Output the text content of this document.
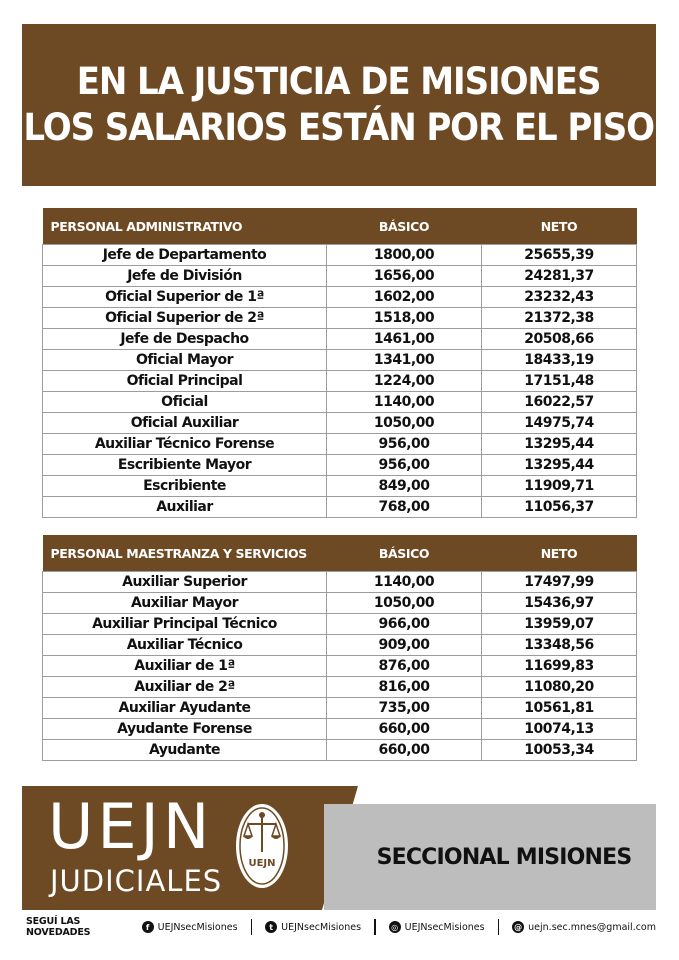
EN LA JUSTICIA DE MISIONES
LOS SALARIOS ESTÁN POR EL PISO
PERSONAL ADMINISTRATIVO	BÁSICO	NETO
Jefe de Departamento	1800,00	25655,39
Jefe de División	1656,00	24281,37
Oficial Superior de 1ª	1602,00	23232,43
Oficial Superior de 2ª	1518,00	21372,38
Jefe de Despacho	1461,00	20508,66
Oficial Mayor	1341,00	18433,19
Oficial Principal	1224,00	17151,48
Oficial	1140,00	16022,57
Oficial Auxiliar	1050,00	14975,74
Auxiliar Técnico Forense	956,00	13295,44
Escribiente Mayor	956,00	13295,44
Escribiente	849,00	11909,71
Auxiliar	768,00	11056,37
PERSONAL MAESTRANZA Y SERVICIOS	BÁSICO	NETO
Auxiliar Superior	1140,00	17497,99
Auxiliar Mayor	1050,00	15436,97
Auxiliar Principal Técnico	966,00	13959,07
Auxiliar Técnico	909,00	13348,56
Auxiliar de 1ª	876,00	11699,83
Auxiliar de 2ª	816,00	11080,20
Auxiliar Ayudante	735,00	10561,81
Ayudante Forense	660,00	10074,13
Ayudante	660,00	10053,34
UEJN
JUDICIALES
UEJN	SECCIONAL MISIONES
SEGUÍ LAS NOVEDADES	f UEJNsecMisiones	t UEJNsecMisiones	◎ UEJNsecMisiones	@ uejn.sec.mnes@gmail.com
